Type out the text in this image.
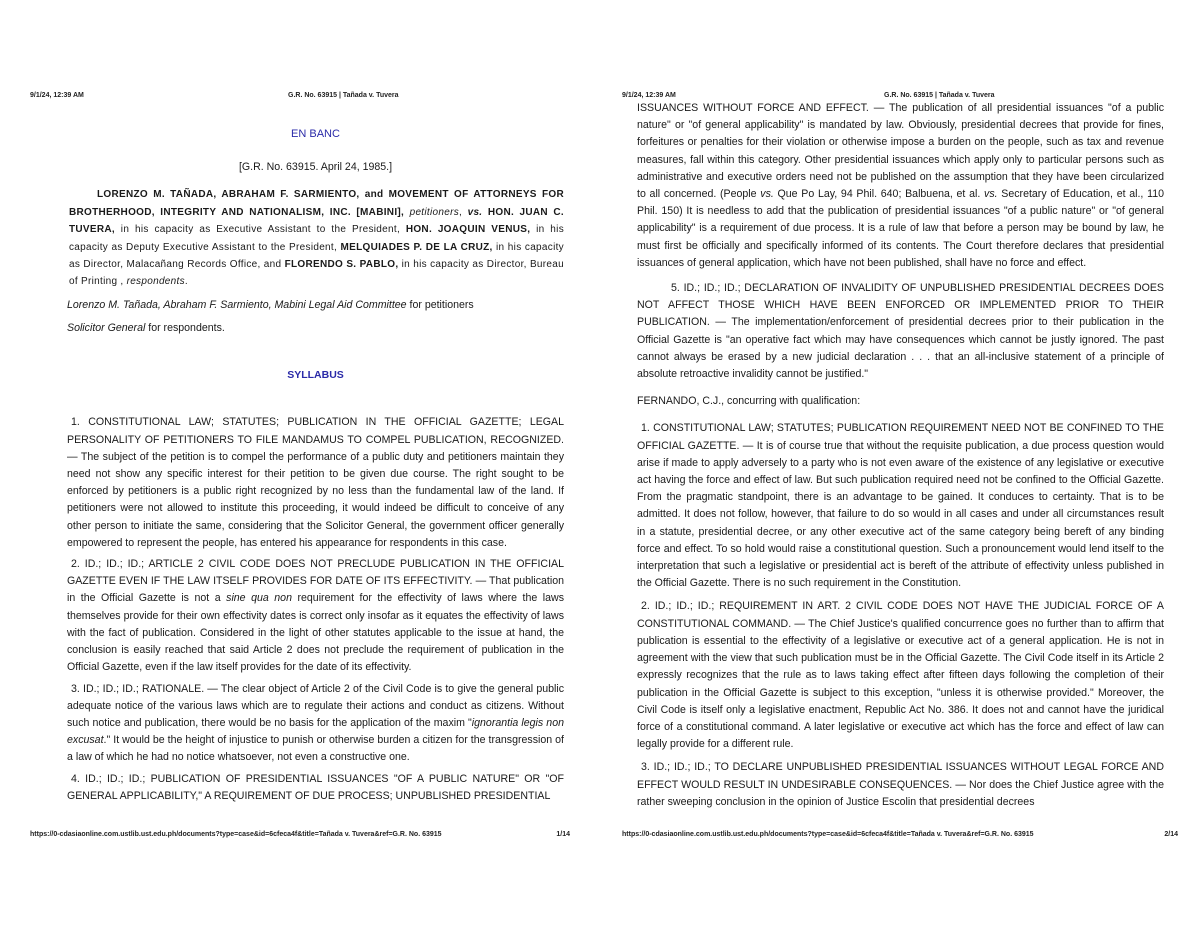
9/1/24, 12:39 AM	G.R. No. 63915 | Tañada v. Tuvera

EN BANC

[G.R. No. 63915. April 24, 1985.]

LORENZO M. TAÑADA, ABRAHAM F. SARMIENTO, and MOVEMENT OF ATTORNEYS FOR BROTHERHOOD, INTEGRITY AND NATIONALISM, INC. [MABINI], petitioners, vs. HON. JUAN C. TUVERA, in his capacity as Executive Assistant to the President, HON. JOAQUIN VENUS, in his capacity as Deputy Executive Assistant to the President, MELQUIADES P. DE LA CRUZ, in his capacity as Director, Malacañang Records Office, and FLORENDO S. PABLO, in his capacity as Director, Bureau of Printing , respondents.

Lorenzo M. Tañada, Abraham F. Sarmiento, Mabini Legal Aid Committee for petitioners

Solicitor General for respondents.

SYLLABUS

1. CONSTITUTIONAL LAW; STATUTES; PUBLICATION IN THE OFFICIAL GAZETTE; LEGAL PERSONALITY OF PETITIONERS TO FILE MANDAMUS TO COMPEL PUBLICATION, RECOGNIZED. — The subject of the petition is to compel the performance of a public duty and petitioners maintain they need not show any specific interest for their petition to be given due course. The right sought to be enforced by petitioners is a public right recognized by no less than the fundamental law of the land. If petitioners were not allowed to institute this proceeding, it would indeed be difficult to conceive of any other person to initiate the same, considering that the Solicitor General, the government officer generally empowered to represent the people, has entered his appearance for respondents in this case.

2. ID.; ID.; ID.; ARTICLE 2 CIVIL CODE DOES NOT PRECLUDE PUBLICATION IN THE OFFICIAL GAZETTE EVEN IF THE LAW ITSELF PROVIDES FOR DATE OF ITS EFFECTIVITY. — That publication in the Official Gazette is not a sine qua non requirement for the effectivity of laws where the laws themselves provide for their own effectivity dates is correct only insofar as it equates the effectivity of laws with the fact of publication. Considered in the light of other statutes applicable to the issue at hand, the conclusion is easily reached that said Article 2 does not preclude the requirement of publication in the Official Gazette, even if the law itself provides for the date of its effectivity.

3. ID.; ID.; ID.; RATIONALE. — The clear object of Article 2 of the Civil Code is to give the general public adequate notice of the various laws which are to regulate their actions and conduct as citizens. Without such notice and publication, there would be no basis for the application of the maxim "ignorantia legis non excusat." It would be the height of injustice to punish or otherwise burden a citizen for the transgression of a law of which he had no notice whatsoever, not even a constructive one.

4. ID.; ID.; ID.; PUBLICATION OF PRESIDENTIAL ISSUANCES "OF A PUBLIC NATURE" OR "OF GENERAL APPLICABILITY," A REQUIREMENT OF DUE PROCESS; UNPUBLISHED PRESIDENTIAL

https://0-cdasiaonline.com.ustlib.ust.edu.ph/documents?type=case&id=6cfeca4f&title=Tañada v. Tuvera&ref=G.R. No. 63915	1/14
9/1/24, 12:39 AM	G.R. No. 63915 | Tañada v. Tuvera

ISSUANCES WITHOUT FORCE AND EFFECT. — The publication of all presidential issuances "of a public nature" or "of general applicability" is mandated by law. Obviously, presidential decrees that provide for fines, forfeitures or penalties for their violation or otherwise impose a burden on the people, such as tax and revenue measures, fall within this category. Other presidential issuances which apply only to particular persons such as administrative and executive orders need not be published on the assumption that they have been circularized to all concerned. (People vs. Que Po Lay, 94 Phil. 640; Balbuena, et al. vs. Secretary of Education, et al., 110 Phil. 150) It is needless to add that the publication of presidential issuances "of a public nature" or "of general applicability" is a requirement of due process. It is a rule of law that before a person may be bound by law, he must first be officially and specifically informed of its contents. The Court therefore declares that presidential issuances of general application, which have not been published, shall have no force and effect.

5. ID.; ID.; ID.; DECLARATION OF INVALIDITY OF UNPUBLISHED PRESIDENTIAL DECREES DOES NOT AFFECT THOSE WHICH HAVE BEEN ENFORCED OR IMPLEMENTED PRIOR TO THEIR PUBLICATION. — The implementation/enforcement of presidential decrees prior to their publication in the Official Gazette is "an operative fact which may have consequences which cannot be justly ignored. The past cannot always be erased by a new judicial declaration . . . that an all-inclusive statement of a principle of absolute retroactive invalidity cannot be justified."

FERNANDO, C.J., concurring with qualification:

1. CONSTITUTIONAL LAW; STATUTES; PUBLICATION REQUIREMENT NEED NOT BE CONFINED TO THE OFFICIAL GAZETTE. — It is of course true that without the requisite publication, a due process question would arise if made to apply adversely to a party who is not even aware of the existence of any legislative or executive act having the force and effect of law. But such publication required need not be confined to the Official Gazette. From the pragmatic standpoint, there is an advantage to be gained. It conduces to certainty. That is to be admitted. It does not follow, however, that failure to do so would in all cases and under all circumstances result in a statute, presidential decree, or any other executive act of the same category being bereft of any binding force and effect. To so hold would raise a constitutional question. Such a pronouncement would lend itself to the interpretation that such a legislative or presidential act is bereft of the attribute of effectivity unless published in the Official Gazette. There is no such requirement in the Constitution.

2. ID.; ID.; ID.; REQUIREMENT IN ART. 2 CIVIL CODE DOES NOT HAVE THE JUDICIAL FORCE OF A CONSTITUTIONAL COMMAND. — The Chief Justice's qualified concurrence goes no further than to affirm that publication is essential to the effectivity of a legislative or executive act of a general application. He is not in agreement with the view that such publication must be in the Official Gazette. The Civil Code itself in its Article 2 expressly recognizes that the rule as to laws taking effect after fifteen days following the completion of their publication in the Official Gazette is subject to this exception, "unless it is otherwise provided." Moreover, the Civil Code is itself only a legislative enactment, Republic Act No. 386. It does not and cannot have the juridical force of a constitutional command. A later legislative or executive act which has the force and effect of law can legally provide for a different rule.

3. ID.; ID.; ID.; TO DECLARE UNPUBLISHED PRESIDENTIAL ISSUANCES WITHOUT LEGAL FORCE AND EFFECT WOULD RESULT IN UNDESIRABLE CONSEQUENCES. — Nor does the Chief Justice agree with the rather sweeping conclusion in the opinion of Justice Escolin that presidential decrees

https://0-cdasiaonline.com.ustlib.ust.edu.ph/documents?type=case&id=6cfeca4f&title=Tañada v. Tuvera&ref=G.R. No. 63915	2/14
